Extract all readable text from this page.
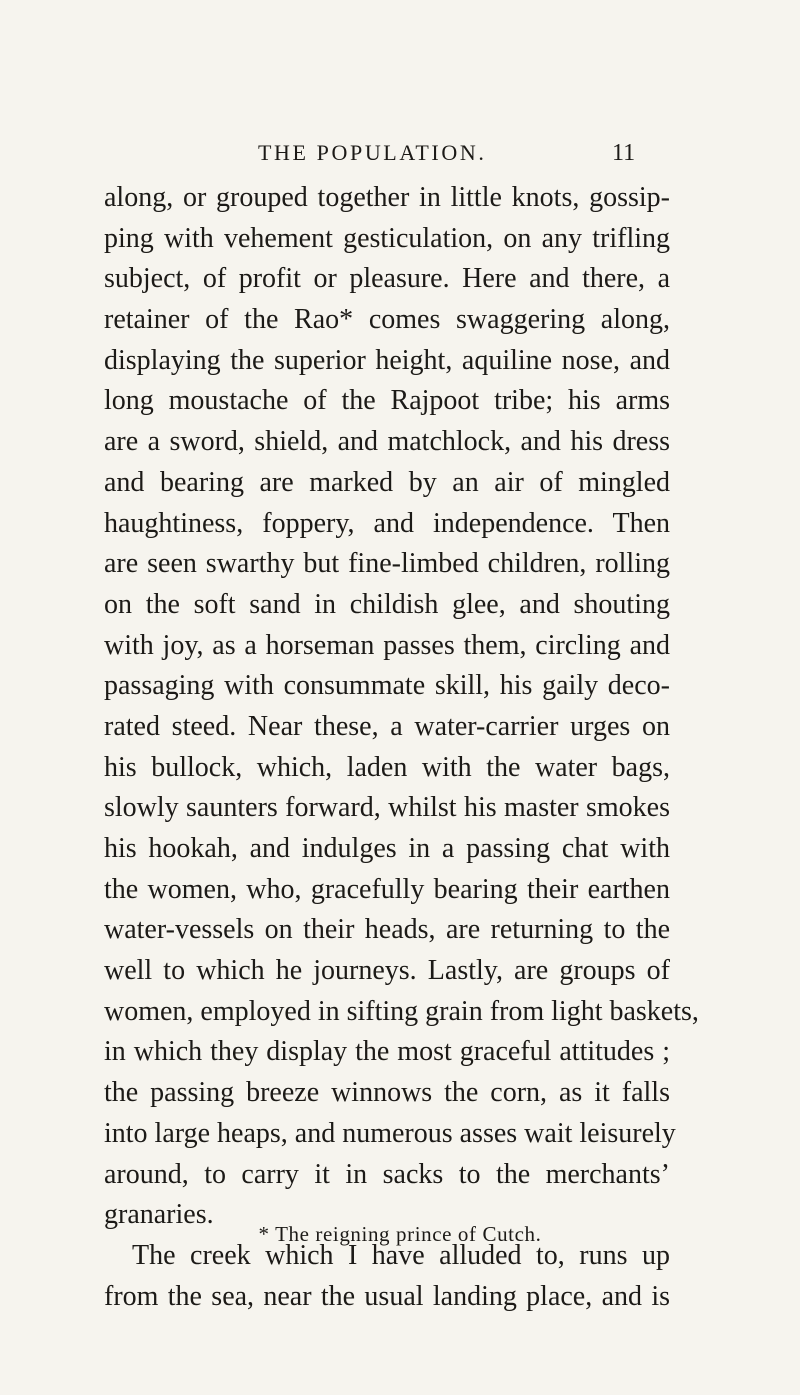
THE POPULATION.	11
along, or grouped together in little knots, gossip-
ping with vehement gesticulation, on any trifling
subject, of profit or pleasure. Here and there, a
retainer of the Rao* comes swaggering along,
displaying the superior height, aquiline nose, and
long moustache of the Rajpoot tribe; his arms
are a sword, shield, and matchlock, and his dress
and bearing are marked by an air of mingled
haughtiness, foppery, and independence. Then
are seen swarthy but fine-limbed children, rolling
on the soft sand in childish glee, and shouting
with joy, as a horseman passes them, circling and
passaging with consummate skill, his gaily deco-
rated steed. Near these, a water-carrier urges on
his bullock, which, laden with the water bags,
slowly saunters forward, whilst his master smokes
his hookah, and indulges in a passing chat with
the women, who, gracefully bearing their earthen
water-vessels on their heads, are returning to the
well to which he journeys. Lastly, are groups of
women, employed in sifting grain from light baskets,
in which they display the most graceful attitudes ;
the passing breeze winnows the corn, as it falls
into large heaps, and numerous asses wait leisurely
around, to carry it in sacks to the merchants’
granaries.
The creek which I have alluded to, runs up
from the sea, near the usual landing place, and is
* The reigning prince of Cutch.
